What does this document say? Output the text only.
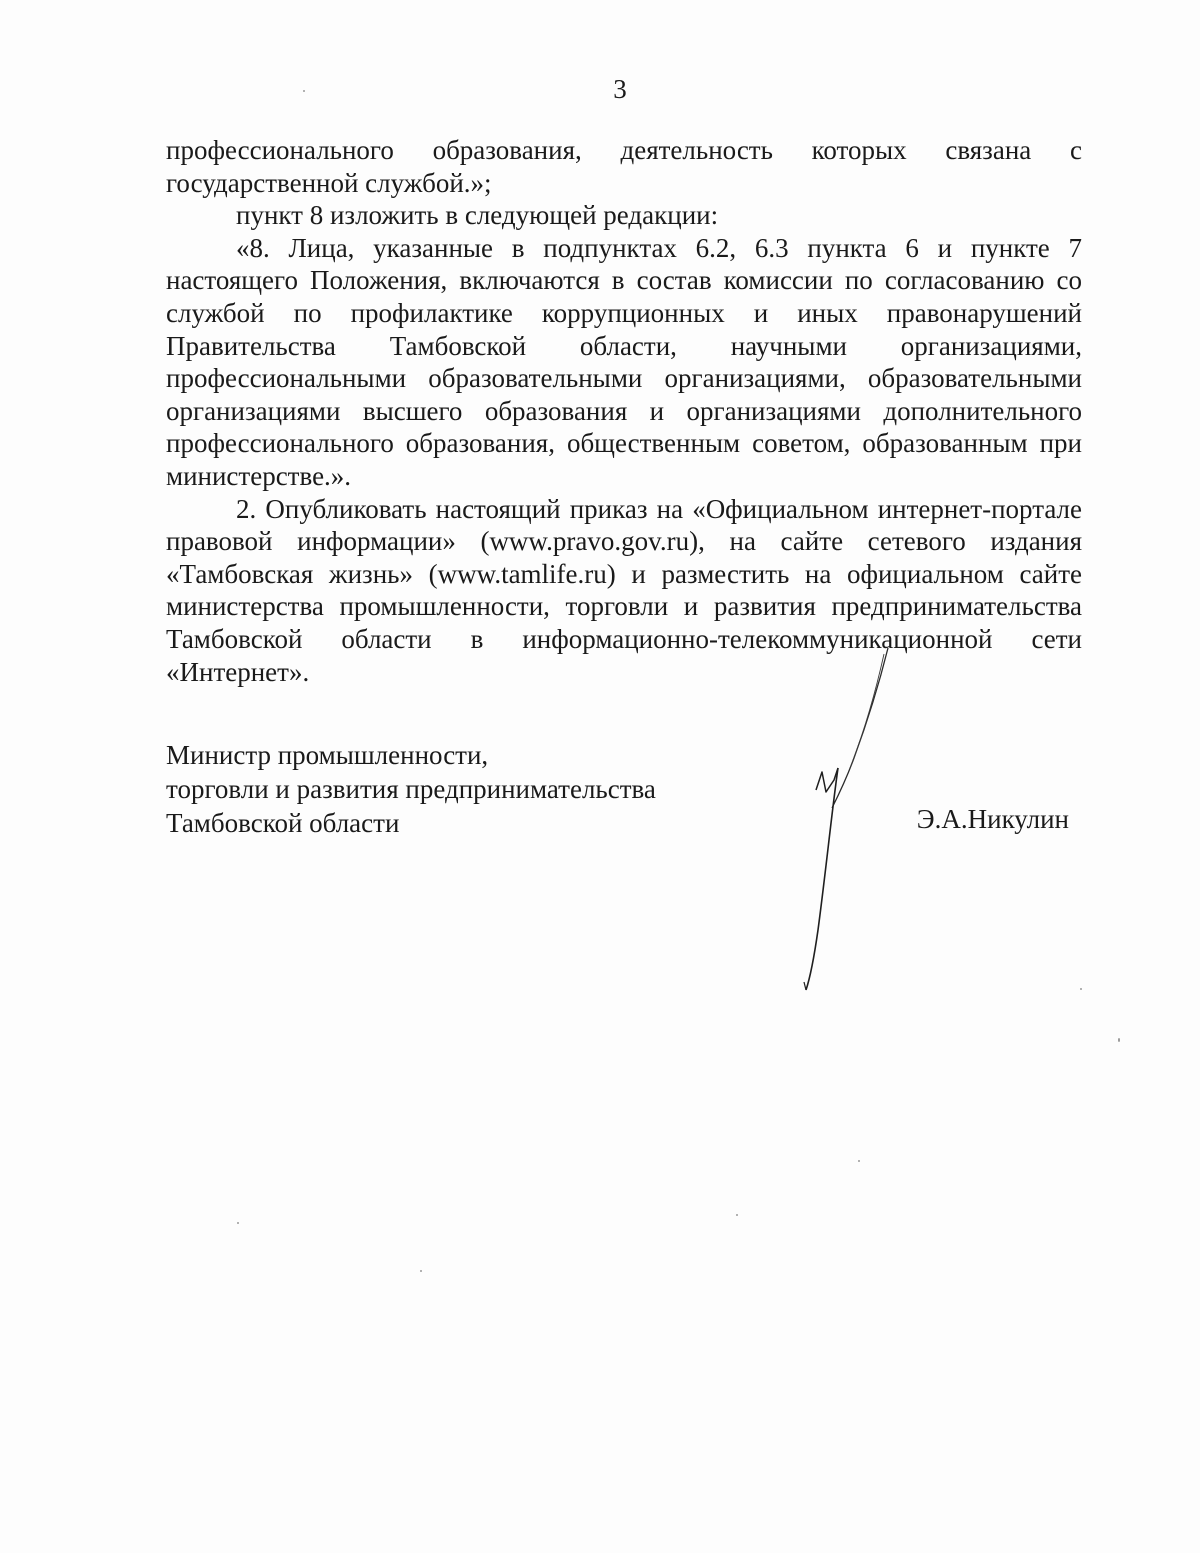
3

профессионального образования, деятельность которых связана с государственной службой.»;

пункт 8 изложить в следующей редакции:

«8. Лица, указанные в подпунктах 6.2, 6.3 пункта 6 и пункте 7 настоящего Положения, включаются в состав комиссии по согласованию со службой по профилактике коррупционных и иных правонарушений Правительства Тамбовской области, научными организациями, профессиональными образовательными организациями, образовательными организациями высшего образования и организациями дополнительного профессионального образования, общественным советом, образованным при министерстве.».

2. Опубликовать настоящий приказ на «Официальном интернет-портале правовой информации» (www.pravo.gov.ru), на сайте сетевого издания «Тамбовская жизнь» (www.tamlife.ru) и разместить на официальном сайте министерства промышленности, торговли и развития предпринимательства Тамбовской области в информационно-телекоммуникационной сети «Интернет».

Министр промышленности,
торговли и развития предпринимательства
Тамбовской области	Э.А.Никулин
